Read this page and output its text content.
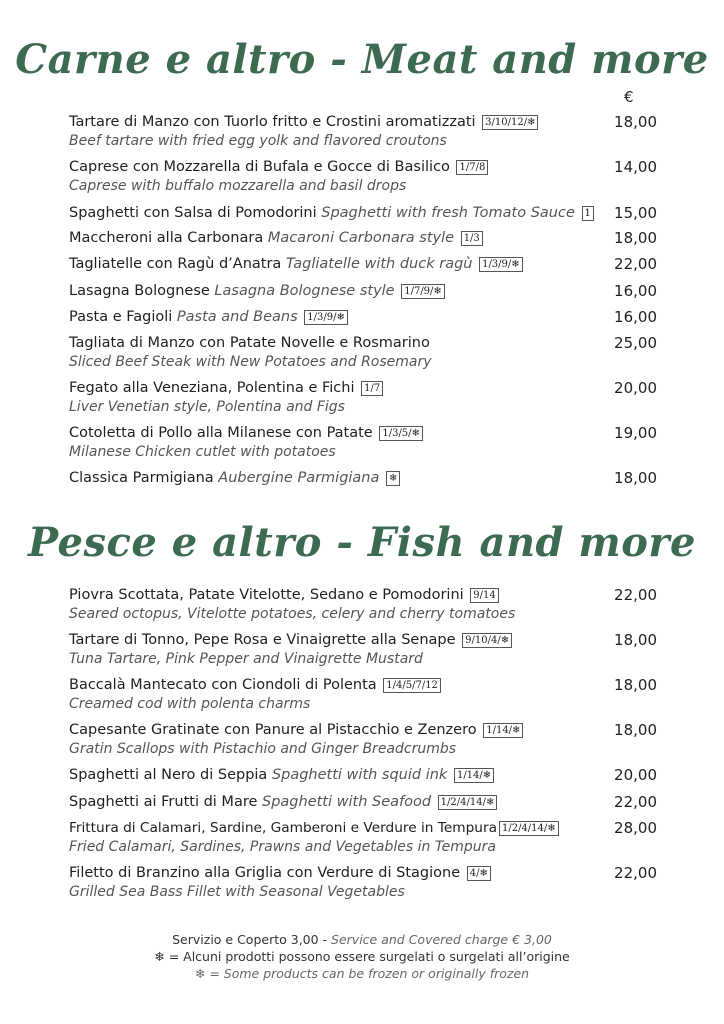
Carne e altro - Meat and more
€
Tartare di Manzo con Tuorlo fritto e Crostini aromatizzati 3/10/12/❄
Beef tartare with fried egg yolk and flavored croutons
18,00
Caprese con Mozzarella di Bufala e Gocce di Basilico 1/7/8
Caprese with buffalo mozzarella and basil drops
14,00
Spaghetti con Salsa di Pomodorini Spaghetti with fresh Tomato Sauce 1	15,00
Maccheroni alla Carbonara Macaroni Carbonara style 1/3	18,00
Tagliatelle con Ragù d’Anatra Tagliatelle with duck ragù 1/3/9/❄	22,00
Lasagna Bolognese Lasagna Bolognese style 1/7/9/❄	16,00
Pasta e Fagioli Pasta and Beans 1/3/9/❄	16,00
Tagliata di Manzo con Patate Novelle e Rosmarino
Sliced Beef Steak with New Potatoes and Rosemary
25,00
Fegato alla Veneziana, Polentina e Fichi 1/7
Liver Venetian style, Polentina and Figs
20,00
Cotoletta di Pollo alla Milanese con Patate 1/3/5/❄
Milanese Chicken cutlet with potatoes
19,00
Classica Parmigiana Aubergine Parmigiana ❄	18,00
Pesce e altro - Fish and more
Piovra Scottata, Patate Vitelotte, Sedano e Pomodorini 9/14
Seared octopus, Vitelotte potatoes, celery and cherry tomatoes
22,00
Tartare di Tonno, Pepe Rosa e Vinaigrette alla Senape 9/10/4/❄
Tuna Tartare, Pink Pepper and Vinaigrette Mustard
18,00
Baccalà Mantecato con Ciondoli di Polenta 1/4/5/7/12
Creamed cod with polenta charms
18,00
Capesante Gratinate con Panure al Pistacchio e Zenzero 1/14/❄
Gratin Scallops with Pistachio and Ginger Breadcrumbs
18,00
Spaghetti al Nero di Seppia Spaghetti with squid ink 1/14/❄	20,00
Spaghetti ai Frutti di Mare Spaghetti with Seafood 1/2/4/14/❄	22,00
Frittura di Calamari, Sardine, Gamberoni e Verdure in Tempura 1/2/4/14/❄
Fried Calamari, Sardines, Prawns and Vegetables in Tempura
28,00
Filetto di Branzino alla Griglia con Verdure di Stagione 4/❄
Grilled Sea Bass Fillet with Seasonal Vegetables
22,00
Servizio e Coperto 3,00 - Service and Covered charge € 3,00
❄ = Alcuni prodotti possono essere surgelati o surgelati all’origine
❄ = Some products can be frozen or originally frozen
